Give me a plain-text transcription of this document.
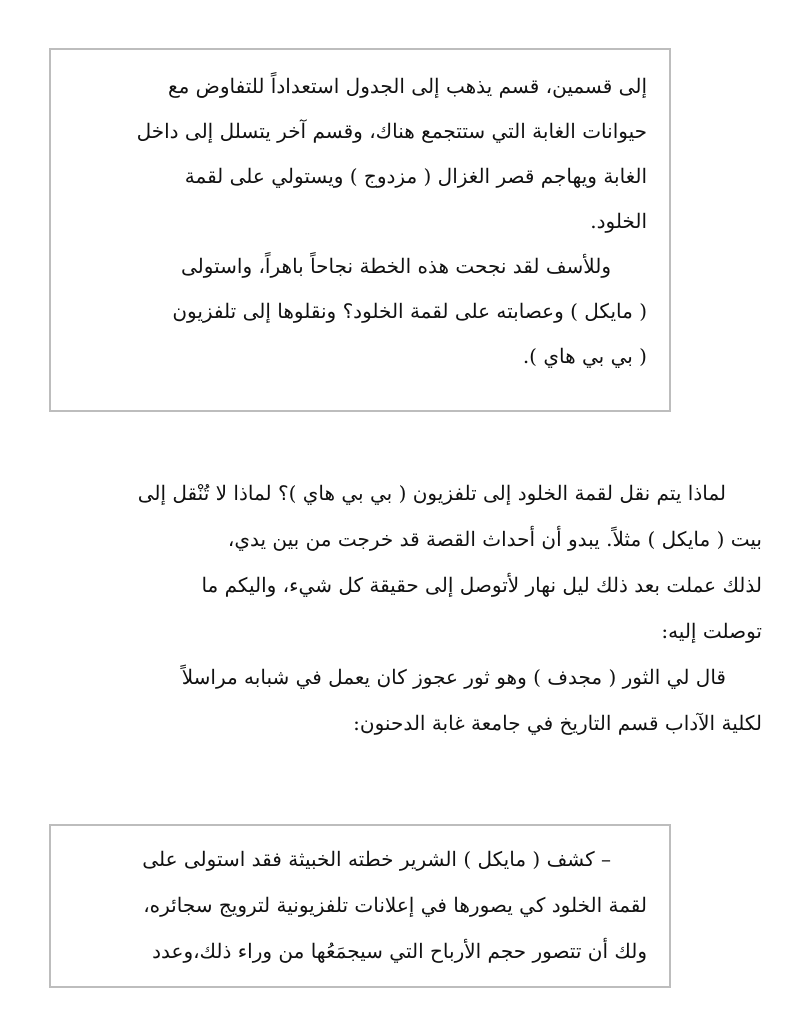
إلى قسمين، قسم يذهب إلى الجدول استعداداً للتفاوض مع
حيوانات الغابة التي ستتجمع هناك، وقسم آخر يتسلل إلى داخل
الغابة ويهاجم قصر الغزال ( مزدوج ) ويستولي على لقمة
الخلود.
وللأسف لقد نجحت هذه الخطة نجاحاً باهراً، واستولى
( مايكل ) وعصابته على لقمة الخلود؟ ونقلوها إلى تلفزيون
( بي بي هاي ).
لماذا يتم نقل لقمة الخلود إلى تلفزيون ( بي بي هاي )؟ لماذا لا تُنْقل إلى
بيت ( مايكل ) مثلاً. يبدو أن أحداث القصة قد خرجت من بين يدي،
لذلك عملت بعد ذلك ليل نهار لأتوصل إلى حقيقة كل شيء، واليكم ما
توصلت إليه:
قال لي الثور ( مجدف ) وهو ثور عجوز كان يعمل في شبابه مراسلاً
لكلية الآداب قسم التاريخ في جامعة غابة الدحنون:
– كشف ( مايكل ) الشرير خطته الخبيثة فقد استولى على
لقمة الخلود كي يصورها في إعلانات تلفزيونية لترويج سجائره،
ولك أن تتصور حجم الأرباح التي سيجمَعُها من وراء ذلك،وعدد
